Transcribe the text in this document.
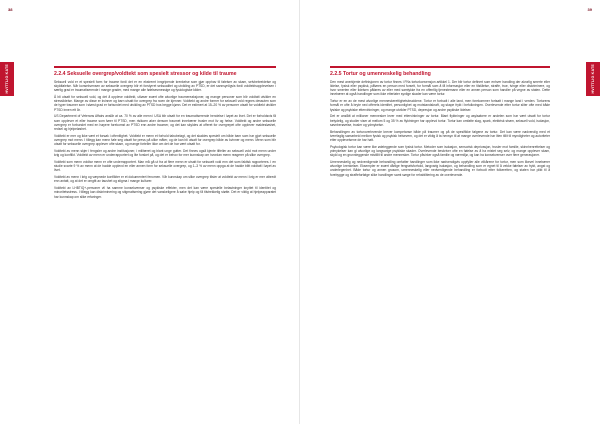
38
HVITTLIG KATE	2.2.4 Seksuelle overgrep/voldtekt som spesielt stressor og kilde til traume

Seksuell vold er et spesielt form for traume fordi det er en ekstremt inngripende krenkelse som gjør opphav til følelser av skam, selvbebreidelse og skyldfølelse. Når konsekvensen av seksuelle overgrep blir et forstyrret seksualitet og utvikling av PTSD, er det sannsynligvis fordi voldtektsopplevelsen i særlig grad er traumatiserende i mange grader, med mange alle følelsesmessige og fysiologiske kilder.

Å bli utsatt for seksuell vold, og det å oppleve voldtekt, utløser svært ofte alvorlige traumereaksjoner, og mange personer som blir voldtatt utvikler en stresslidelse. Mange av disse er kvinner og barn utsatt for overgrep fra noen de kjenner. Voldtekt og andre former for seksuell vold regnes dessuten som de typer traumer som i størst grad er forbundet med utvikling av PTSD hos begge kjønn. Det er estimert at 15–20 % av personer utsatt for voldtekt utvikler PTSD innen ett år.

US Department of Veterans Affairs anslår at ca. 70 % av alle menn i USA blir utsatt for en traumatiserende hendelse i løpet av livet. Det er forholdsvis få som opplever et eller traume som fører til PTSD, men risikoen øker dersom traumet innebærer trusler mot liv og helse. Voldtekt og andre seksuelle overgrep er forbundet med en høyere forekomst av PTSD enn andre traumer, og det kan skyldes at offeret for overgrepet ofte opplever maktesløshet, redsel og hjelpeløshet.

Voldtekt er mer og ikke vært et forsøk i oftentlighet. Voldtekt er menn et forhold tabubelagt, og det skaldes spesielt om både barn som har gjort seksuelle overgrep mot menn. I tillegg kan menn føle seg utsatt for press på ulike måter, og de kan bli utsatt for overgrep både av kvinner og menn. Menn som blir utsatt for seksuelle overgrep opplever ofte skam, og mange forteller ikke om det de har vært utsatt for.

Voldtekt av menn skjer i fengsler og andre institusjoner, i militæret og blant unge gutter. Det finnes også kjente tilfeller av seksuell vold mot menn under krig og konflikt. Voldtekt av menn er underrapportert og lite forsket på, og det er behov for mer kunnskap om hvordan menn reagerer på slike overgrep.

Voldtekt som menn voldtar menn er ofte underrapportert. Man må gå ut fra at flere menn er utsatt for seksuelt vold enn det som faktisk rapporteres. I en studie svarte 9 % av menn at de hadde opplevd en eller annen form for seksuelle overgrep, og 1–3 % av menn oppga at de hadde blitt voldtatt i løpet av livet.

Voldtekt av menn i krig og væpnede konflikter er et dokumentert fenomen. Vår kunnskap om slike overgrep tilsier at voldtekt av menn i krig er mer utbredt enn antatt, og at det er omgitt av taushet og stigma i mange kulturer.

Voldtekt av LHBTIQ+-personer vil ha samme konsekvenser og psykiske effekter, men det kan være spesielle belastninger knyttet til identitet og minoritetsstress. I tillegg kan diskriminering og stigmatisering gjøre det vanskeligere å søke hjelp og få tilstrekkelig støtte. Det er viktig at hjelpeapparatet har kunnskap om slike erfaringer.

39
HVITTLIG KATE
2.2.5 Tortur og umenneskelig behandling

Den mest anerkjente definisjonen av tortur finnes i FNs torturkonvensjon artikkel 1. Der blir tortur definert som enhver handling der alvorlig smerte eller lidelse, fysisk eller psykisk, påføres en person med forsett, for formål som å få informasjon eller en tilståelse, straffe, true, tvinge eller diskriminere, og hvor smerten eller lidelsen påføres av eller med samtykke fra en offentlig tjenestemann eller en annen person som handler på vegne av staten. Dette innebærer at også handlinger som ikke etterlater synlige skader kan være tortur.

Tortur er en av de mest alvorlige menneskerettighetsbruddene. Tortur er forbudt i alle land, men forekommer fortsatt i mange land i verden. Torturens formål er ofte å bryte ned offerets identitet, personlighet og motstandskraft, og skape frykt i befolkningen. Overlevende etter tortur sliter ofte med både fysiske og psykiske ettervirkninger, og mange utvikler PTSD, depresjon og andre psykiske lidelser.

Det er anslått at millioner mennesker lever med ettervirkninger av tortur. Blant flyktninger og asylsøkere er andelen som har vært utsatt for tortur betydelig, og studier viser at mellom 5 og 35 % av flyktninger har opplevd tortur. Tortur kan omfatte slag, spark, elektrisk strøm, seksuell vold, isolasjon, søvnberøvelse, trusler og ydmykelse.

Behandlingen av torturoverlevende krever kompetanse både på traumer og på de spesifikke følgene av tortur. Det kan være nødvendig med et tverrfaglig samarbeid mellom fysisk og psykisk helsevern, og det er viktig å ta hensyn til at mange overlevende har liten tillit til myndigheter og autoriteter etter opplevelsene de har hatt.

Psykologisk tortur kan være like ødeleggende som fysisk tortur. Metoder som isolasjon, sensorisk deprivasjon, trusler mot familie, skinnhenrettelser og ydmykelser kan gi alvorlige og langvarige psykiske skader. Overlevende beskriver ofte en følelse av å ha mistet seg selv, og mange opplever skam, skyld og en grunnleggende mistillit til andre mennesker. Tortur påvirker også familie og nærmiljø, og kan ha konsekvenser over flere generasjoner.

Umenneskelig og nedverdigende behandling omfatter handlinger som ikke nødvendigvis oppfyller alle vilkårene for tortur, men som likevel innebærer alvorlige krenkelser. Eksempler er svært dårlige fengselsforhold, langvarig isolasjon, og behandling som er egnet til å vekke følelser av frykt, angst og underlegenhet. Både tortur og annen grusom, umenneskelig eller nedverdigende behandling er forbudt etter folkeretten, og staten har plikt til å forebygge og straffeforfølge slike handlinger samt sørge for rehabilitering av de overlevende.
